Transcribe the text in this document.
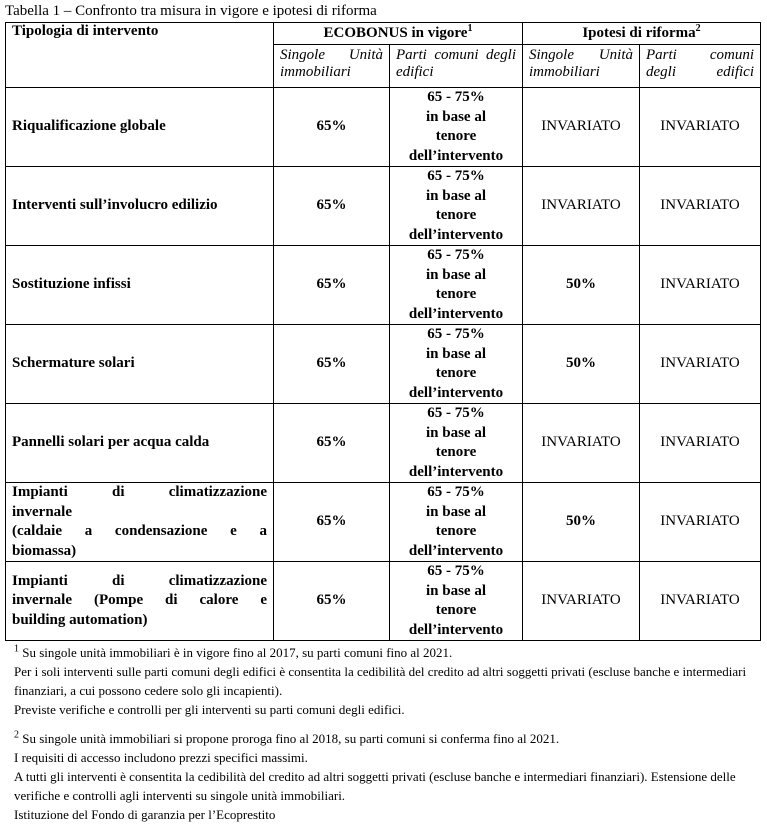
Tabella 1 – Confronto tra misura in vigore e ipotesi di riforma
Tipologia di intervento	ECOBONUS in vigore$^1$		Ipotesi di riforma$^2$
	Singole Unità immobiliari	Parti comuni degli edifici	Singole Unità immobiliari	Parti comuni degli edifici
Riqualificazione globale	65%	65 - 75%
in base al
tenore
dell’intervento	INVARIATO	INVARIATO
Interventi sull’involucro edilizio	65%	65 - 75%
in base al
tenore
dell’intervento	INVARIATO	INVARIATO
Sostituzione infissi	65%	65 - 75%
in base al
tenore
dell’intervento	50%	INVARIATO
Schermature solari	65%	65 - 75%
in base al
tenore
dell’intervento	50%	INVARIATO
Pannelli solari per acqua calda	65%	65 - 75%
in base al
tenore
dell’intervento	INVARIATO	INVARIATO

Impianti di climatizzazione
invernale
(caldaie a condensazione e a
biomassa)	65%	65 - 75%
in base al
tenore
dell’intervento	50%	INVARIATO

Impianti di climatizzazione
invernale (Pompe di calore e
building automation)	65%	65 - 75%
in base al
tenore
dell’intervento	INVARIATO	INVARIATO

$^1$ Su singole unità immobiliari è in vigore fino al 2017, su parti comuni fino al 2021.

Per i soli interventi sulle parti comuni degli edifici è consentita la cedibilità del credito ad altri soggetti privati (escluse banche e intermediari finanziari, a cui possono cedere solo gli incapienti).

Previste verifiche e controlli per gli interventi su parti comuni degli edifici.

$^2$ Su singole unità immobiliari si propone proroga fino al 2018, su parti comuni si conferma fino al 2021.

I requisiti di accesso includono prezzi specifici massimi.

A tutti gli interventi è consentita la cedibilità del credito ad altri soggetti privati (escluse banche e intermediari finanziari). Estensione delle verifiche e controlli agli interventi su singole unità immobiliari.

Istituzione del Fondo di garanzia per l’Ecoprestito
